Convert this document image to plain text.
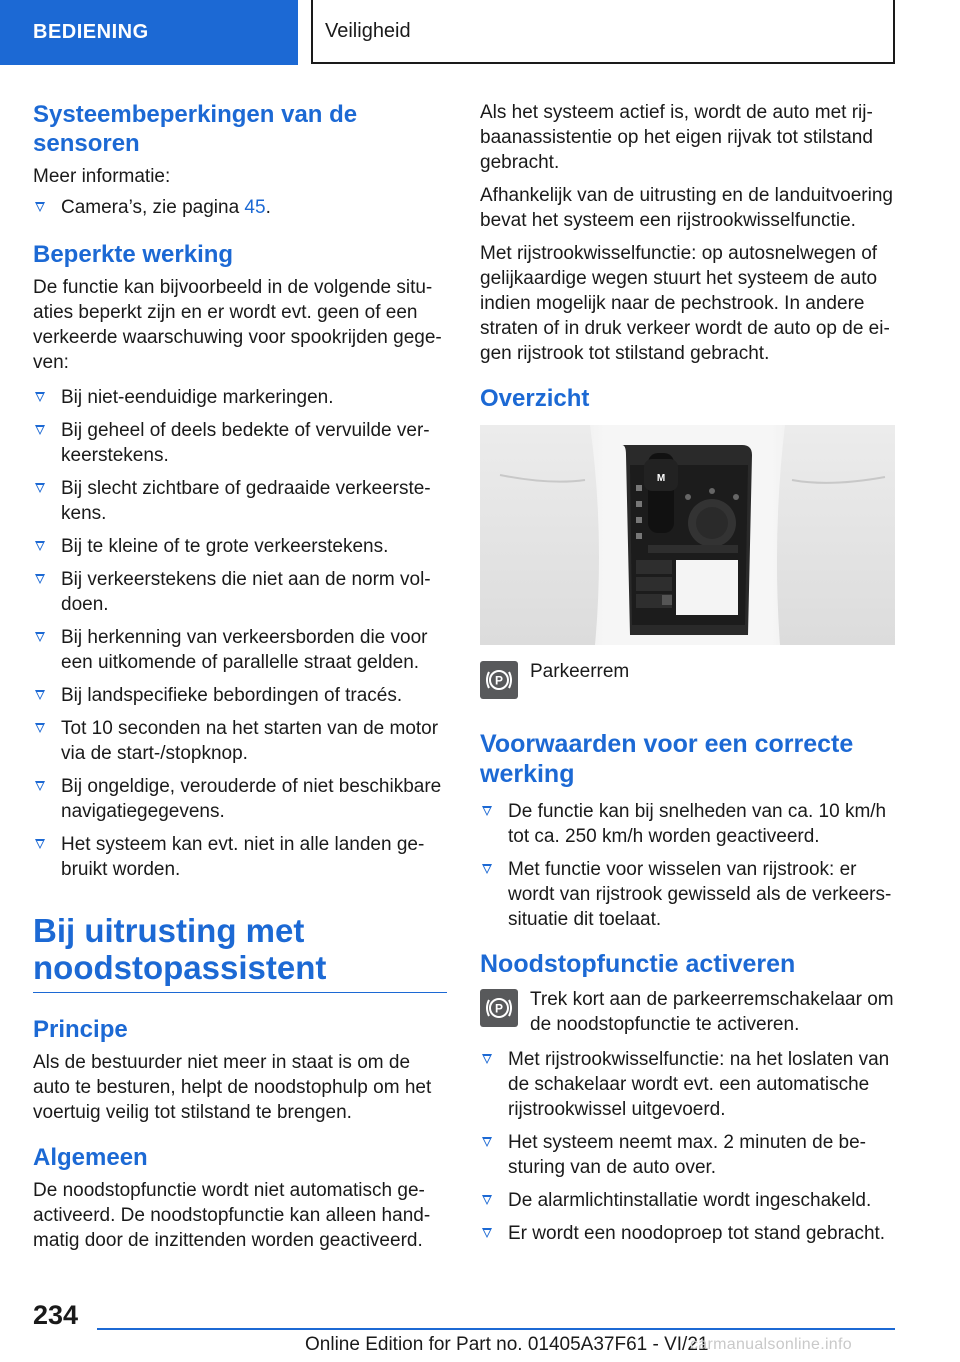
BEDIENING	Veiligheid
Systeembeperkingen van de sensoren

Meer informatie:

Camera’s, zie pagina 45.
Beperkte werking

De functie kan bijvoorbeeld in de volgende situ‐aties beperkt zijn en er wordt evt. geen of een verkeerde waarschuwing voor spookrijden gege‐ven:

Bij niet-eenduidige markeringen.
Bij geheel of deels bedekte of vervuilde ver‐keerstekens.
Bij slecht zichtbare of gedraaide verkeerste‐kens.
Bij te kleine of te grote verkeerstekens.
Bij verkeerstekens die niet aan de norm vol‐doen.
Bij herkenning van verkeersborden die voor een uitkomende of parallelle straat gelden.
Bij landspecifieke bebordingen of tracés.
Tot 10 seconden na het starten van de motor via de start-/stopknop.
Bij ongeldige, verouderde of niet beschikbare navigatiegegevens.
Het systeem kan evt. niet in alle landen ge‐bruikt worden.
Bij uitrusting met noodstopassistent
Principe

Als de bestuurder niet meer in staat is om de auto te besturen, helpt de noodstophulp om het voertuig veilig tot stilstand te brengen.

Algemeen

De noodstopfunctie wordt niet automatisch ge‐activeerd. De noodstopfunctie kan alleen hand‐matig door de inzittenden worden geactiveerd.

Als het systeem actief is, wordt de auto met rij‐baanassistentie op het eigen rijvak tot stilstand gebracht.

Afhankelijk van de uitrusting en de landuitvoering bevat het systeem een rijstrookwisselfunctie.

Met rijstrookwisselfunctie: op autosnelwegen of gelijkaardige wegen stuurt het systeem de auto indien mogelijk naar de pechstrook. In andere straten of in druk verkeer wordt de auto op de ei‐gen rijstrook tot stilstand gebracht.

Overzicht
M
P Parkeerrem
Voorwaarden voor een correcte werking
De functie kan bij snelheden van ca. 10 km/h tot ca. 250 km/h worden geactiveerd.
Met functie voor wisselen van rijstrook: er wordt van rijstrook gewisseld als de verkeers‐situatie dit toelaat.
Noodstopfunctie activeren
P Trek kort aan de parkeerremschakelaar om de noodstopfunctie te activeren.
Met rijstrookwisselfunctie: na het loslaten van de schakelaar wordt evt. een automatische rijstrookwissel uitgevoerd.
Het systeem neemt max. 2 minuten de be‐sturing van de auto over.
De alarmlichtinstallatie wordt ingeschakeld.
Er wordt een noodoproep tot stand gebracht.
234
Online Edition for Part no. 01405A37F61 - VI/21
carmanualsonline.info
